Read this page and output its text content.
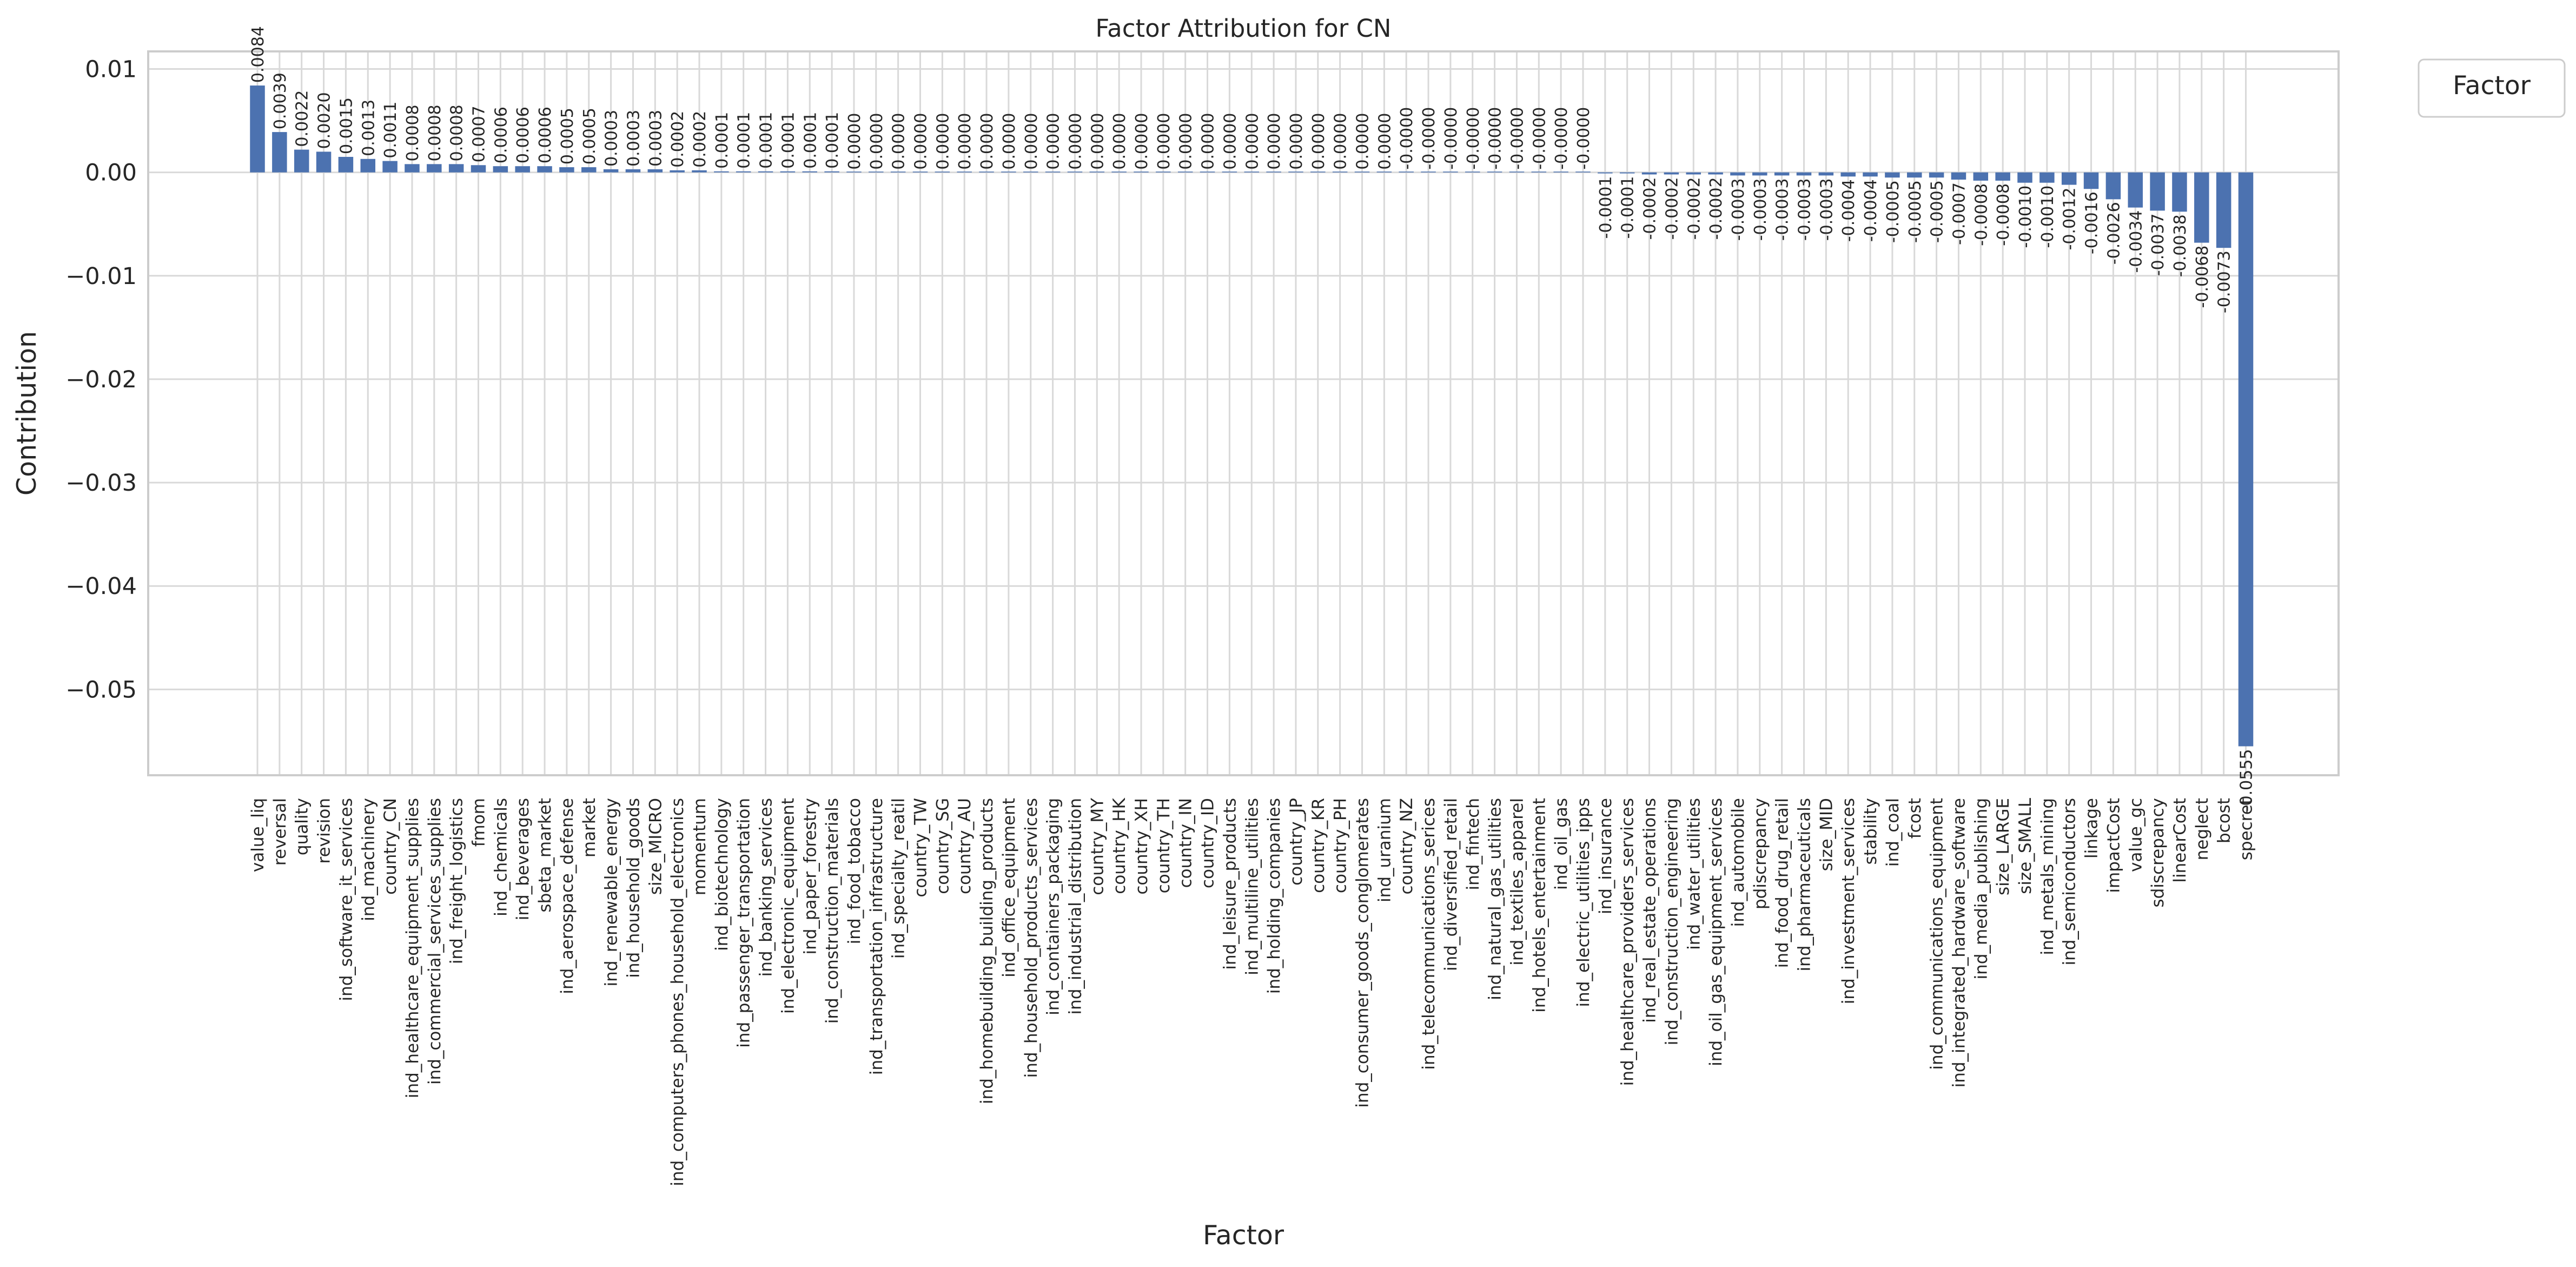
0.01
0.00
−0.01
−0.02
−0.03
−0.04
−0.05
value_liq reversal quality revision ind_software_it_services ind_machinery country_CN ind_healthcare_equipment_supplies ind_commercial_services_supplies ind_freight_logistics fmom ind_chemicals ind_beverages sbeta_market ind_aerospace_defense market ind_renewable_energy ind_household_goods size_MICRO ind_computers_phones_household_electronics momentum ind_biotechnology ind_passenger_transportation ind_banking_services ind_electronic_equipment ind_paper_forestry ind_construction_materials ind_food_tobacco ind_transportation_infrastructure ind_specialty_reatil country_TW country_SG country_AU ind_homebuilding_building_products ind_office_equipment ind_household_products_services ind_containers_packaging ind_industrial_distribution country_MY country_HK country_XH country_TH country_IN country_ID ind_leisure_products ind_multiline_utilities ind_holding_companies country_JP country_KR country_PH ind_consumer_goods_conglomerates ind_uranium country_NZ ind_telecommunications_serices ind_diversified_retail ind_fintech ind_natural_gas_utilities ind_textiles_apparel ind_hotels_entertainment ind_oil_gas ind_electric_utilities_ipps ind_insurance ind_healthcare_providers_services ind_real_estate_operations ind_construction_engineering ind_water_utilities ind_oil_gas_equipment_services ind_automobile pdiscrepancy ind_food_drug_retail ind_pharmaceuticals size_MID ind_investment_services stability ind_coal fcost ind_communications_equipment ind_integrated_hardware_software ind_media_publishing size_LARGE size_SMALL ind_metals_mining ind_semiconductors linkage impactCost value_gc sdiscrepancy linearCost neglect bcost specret
0.0084
0.0039 0.0022 0.0020 0.0015 0.0013 0.0011 0.0008 0.0008 0.0008 0.0007 0.0006 0.0006 0.0006 0.0005 0.0005 0.0003 0.0003 0.0003 0.0002 0.0002 0.0001 0.0001 0.0001 0.0001 0.0001 0.0001 0.0000 0.0000 0.0000 0.0000 0.0000 0.0000 0.0000 0.0000 0.0000 0.0000 0.0000 0.0000 0.0000 0.0000 0.0000 0.0000 0.0000 0.0000 0.0000 0.0000 0.0000 0.0000 0.0000 0.0000 0.0000 -0.0000 -0.0000 -0.0000 -0.0000 -0.0000 -0.0000 -0.0000 -0.0000 -0.0000
-0.0001 -0.0001 -0.0002 -0.0002 -0.0002 -0.0002 -0.0003 -0.0003 -0.0003 -0.0003 -0.0003 -0.0004 -0.0004 -0.0005 -0.0005 -0.0005 -0.0007 -0.0008 -0.0008 -0.0010 -0.0010 -0.0012 -0.0016 -0.0026 -0.0034 -0.0037 -0.0038 -0.0068 -0.0073
-0.0555
Factor Attribution for CN
Contribution
Factor
Factor
